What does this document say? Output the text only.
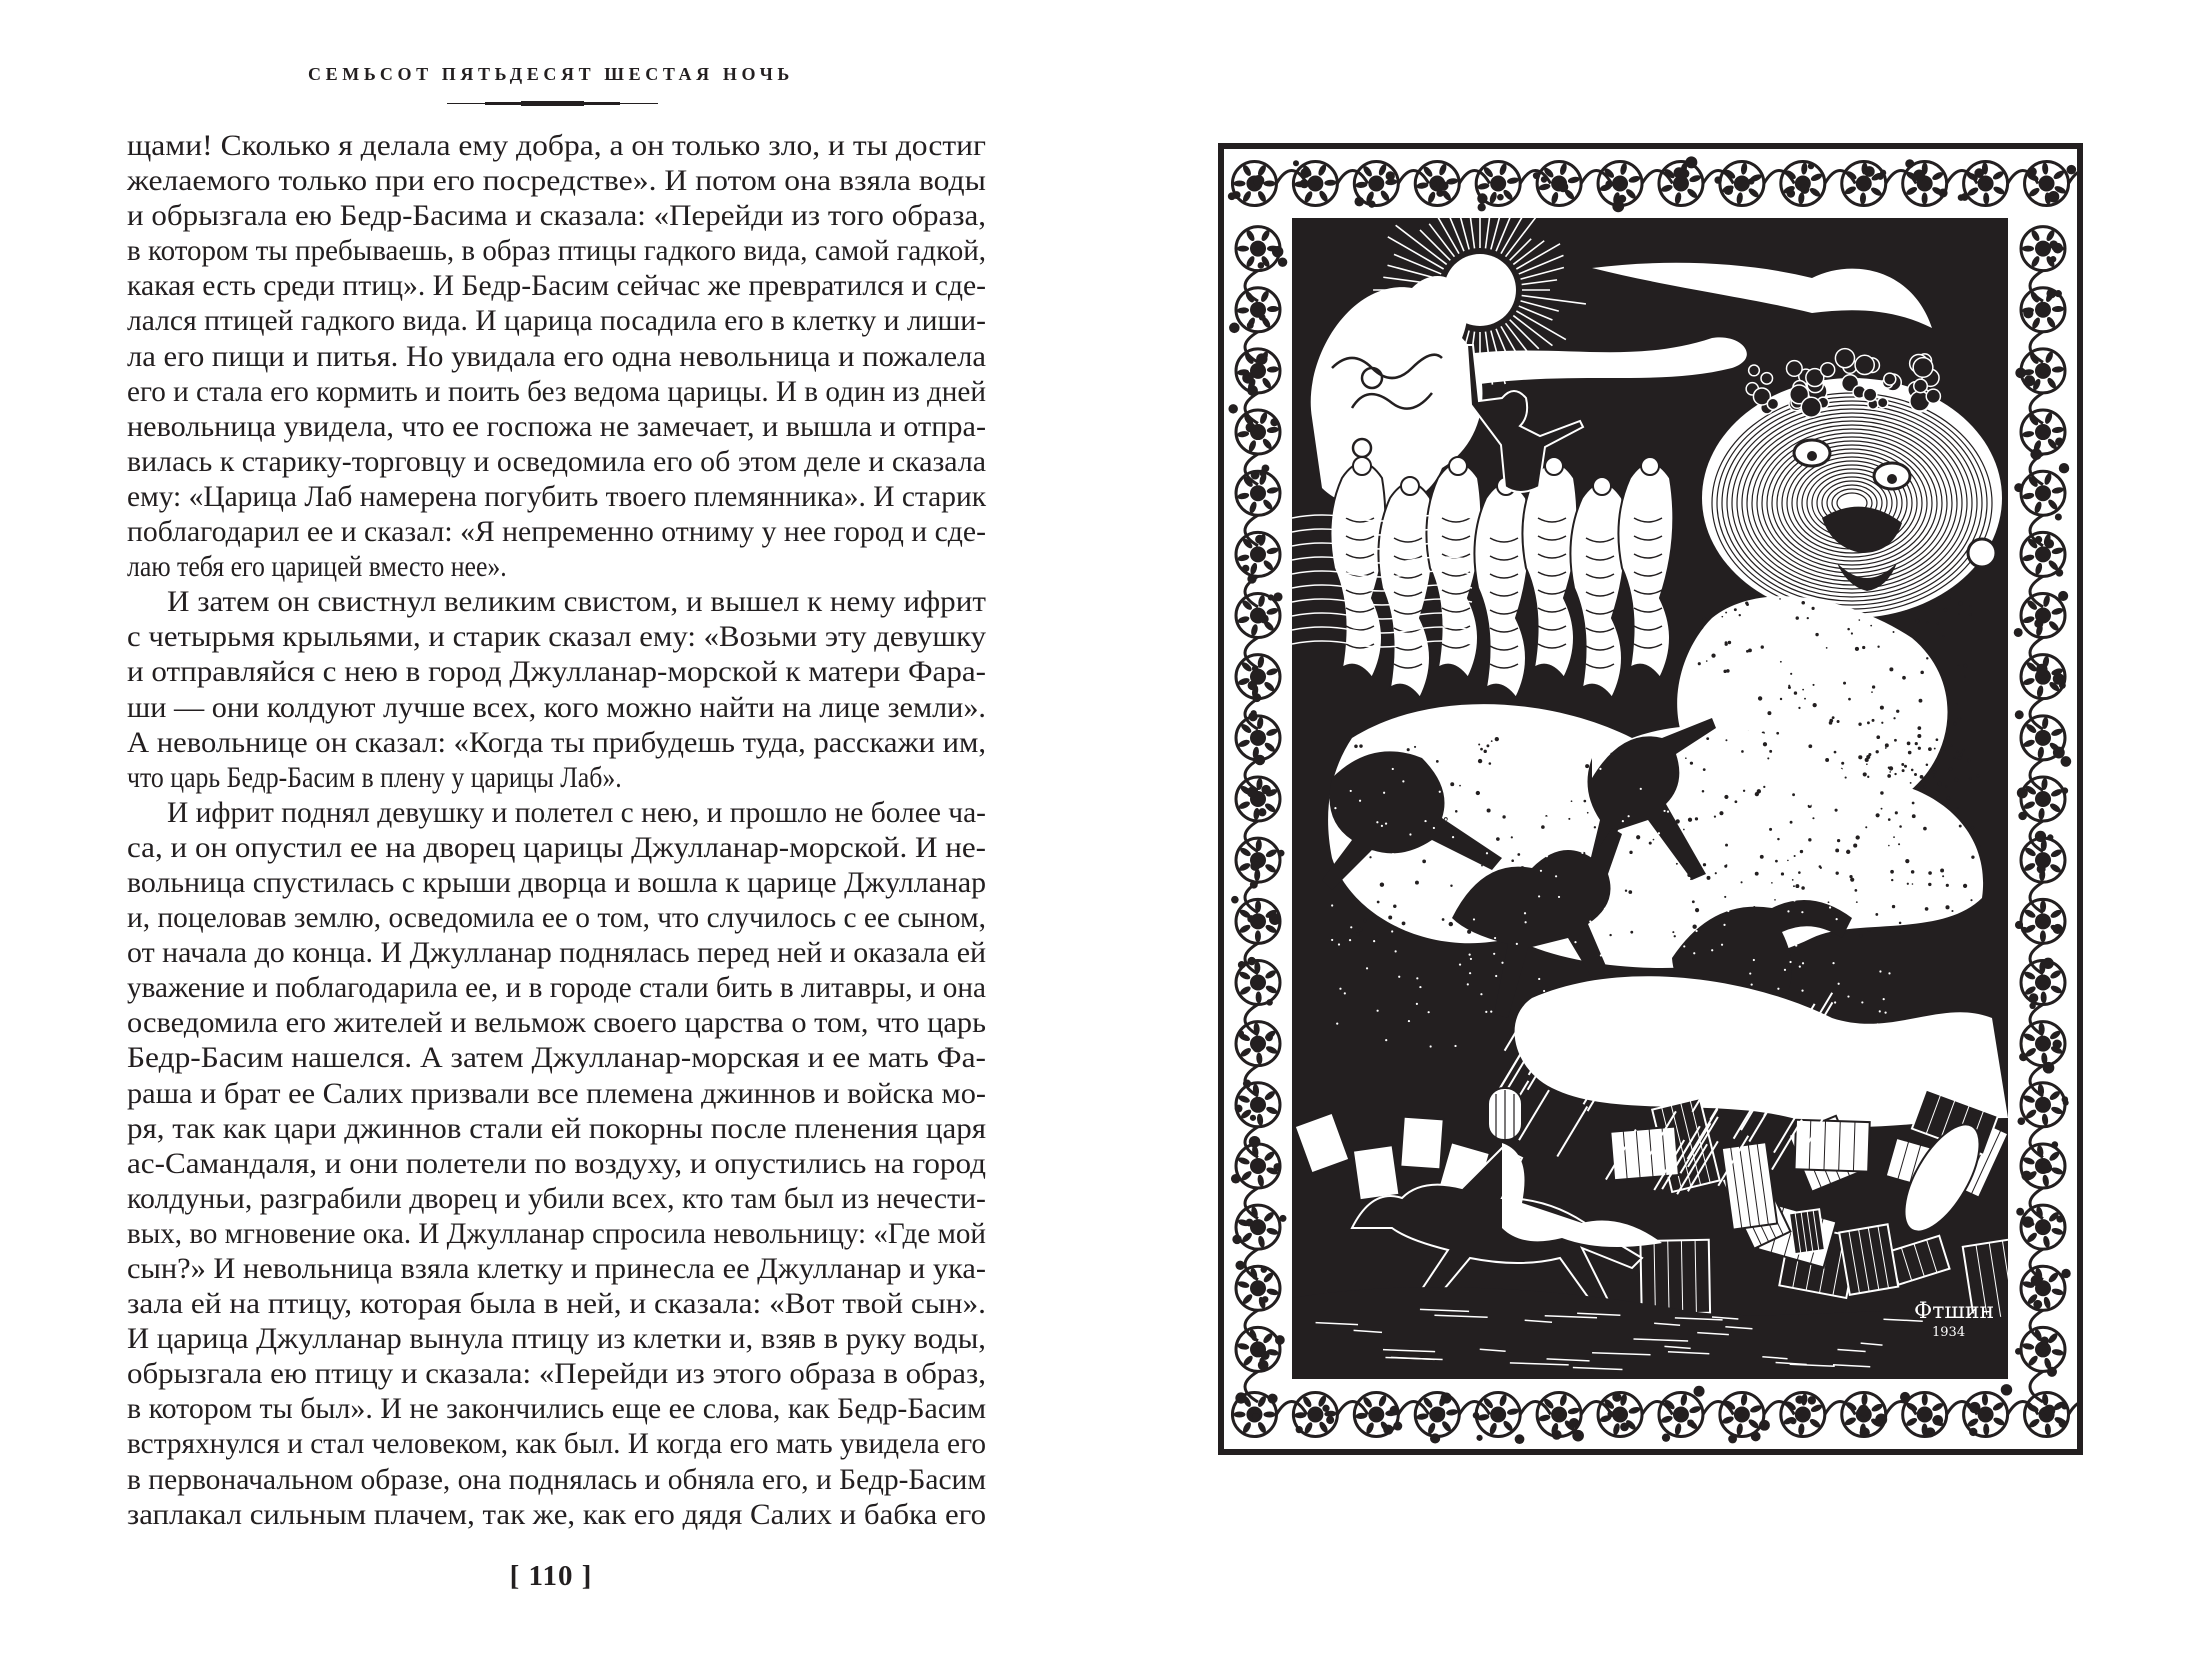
СЕМЬСОТ ПЯТЬДЕСЯТ ШЕСТАЯ НОЧЬ
щами! Сколько я делала ему добра, а он только зло, и ты достиг
желаемого только при его посредстве». И потом она взяла воды
и обрызгала ею Бедр-Басима и сказала: «Перейди из того образа,
в котором ты пребываешь, в образ птицы гадкого вида, самой гадкой,
какая есть среди птиц». И Бедр-Басим сейчас же превратился и сде-
лался птицей гадкого вида. И царица посадила его в клетку и лиши-
ла его пищи и питья. Но увидала его одна невольница и пожалела
его и стала его кормить и поить без ведома царицы. И в один из дней
невольница увидела, что ее госпожа не замечает, и вышла и отпра-
вилась к старику-торговцу и осведомила его об этом деле и сказала
ему: «Царица Лаб намерена погубить твоего племянника». И старик
поблагодарил ее и сказал: «Я непременно отниму у нее город и сде-
лаю тебя его царицей вместо нее».
И затем он свистнул великим свистом, и вышел к нему ифрит
с четырьмя крыльями, и старик сказал ему: «Возьми эту девушку
и отправляйся с нею в город Джулланар-морской к матери Фара-
ши — они колдуют лучше всех, кого можно найти на лице земли».
А невольнице он сказал: «Когда ты прибудешь туда, расскажи им,
что царь Бедр-Басим в плену у царицы Лаб».
И ифрит поднял девушку и полетел с нею, и прошло не более ча-
са, и он опустил ее на дворец царицы Джулланар-морской. И не-
вольница спустилась с крыши дворца и вошла к царице Джулланар
и, поцеловав землю, осведомила ее о том, что случилось с ее сыном,
от начала до конца. И Джулланар поднялась перед ней и оказала ей
уважение и поблагодарила ее, и в городе стали бить в литавры, и она
осведомила его жителей и вельмож своего царства о том, что царь
Бедр-Басим нашелся. А затем Джулланар-морская и ее мать Фа-
раша и брат ее Салих призвали все племена джиннов и войска мо-
ря, так как цари джиннов стали ей покорны после пленения царя
ас-Самандаля, и они полетели по воздуху, и опустились на город
колдуньи, разграбили дворец и убили всех, кто там был из нечести-
вых, во мгновение ока. И Джулланар спросила невольницу: «Где мой
сын?» И невольница взяла клетку и принесла ее Джулланар и ука-
зала ей на птицу, которая была в ней, и сказала: «Вот твой сын».
И царица Джулланар вынула птицу из клетки и, взяв в руку воды,
обрызгала ею птицу и сказала: «Перейди из этого образа в образ,
в котором ты был». И не закончились еще ее слова, как Бедр-Басим
встряхнулся и стал человеком, как был. И когда его мать увидела его
в первоначальном образе, она поднялась и обняла его, и Бедр-Басим
заплакал сильным плачем, так же, как его дядя Салих и бабка его
[ 110 ]
Фтшин
1934
